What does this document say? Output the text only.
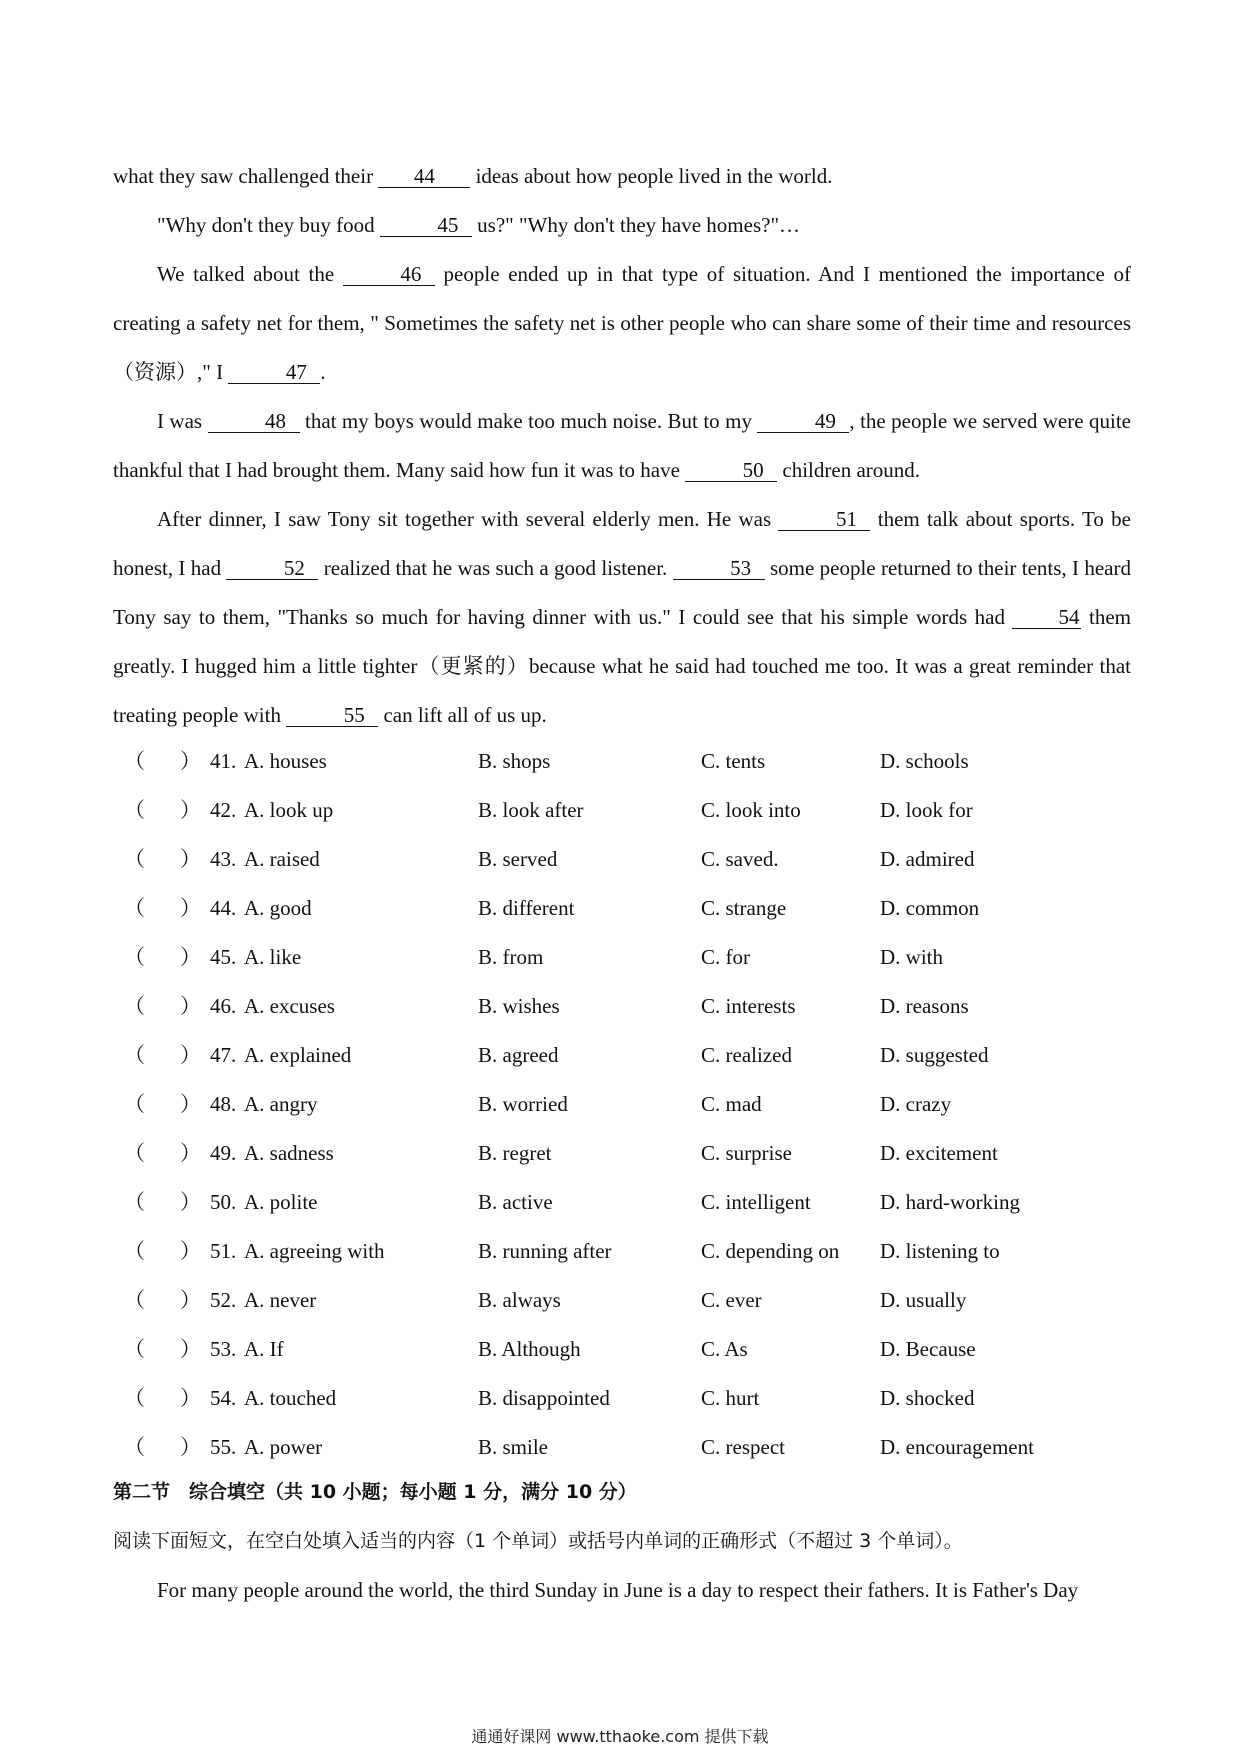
what they saw challenged their 44 ideas about how people lived in the world.

"Why don't they buy food	45 us?" "Why don't they have homes?"…

We talked about the	46 people ended up in that type of situation. And I mentioned the importance of creating a safety net for them, " Sometimes the safety net is other people who can share some of their time and resources（资源）," I	47 .

I was	48 that my boys would make too much noise. But to my	49 , the people we served were quite thankful that I had brought them. Many said how fun it was to have	50 children around.

After dinner, I saw Tony sit together with several elderly men. He was	51 them talk about sports. To be honest, I had	52 realized that he was such a good listener.	53 some people returned to their tents, I heard Tony say to them, "Thanks so much for having dinner with us." I could see that his simple words had 54 them greatly. I hugged him a little tighter（更紧的）because what he said had touched me too. It was a great reminder that treating people with	55 can lift all of us up.

（ ） 41. A. houses	B. shops	C. tents	D. schools
（ ） 42. A. look up	B. look after	C. look into	D. look for
（ ） 43. A. raised	B. served	C. saved.	D. admired
（ ） 44. A. good	B. different	C. strange	D. common
（ ） 45. A. like	B. from	C. for	D. with
（ ） 46. A. excuses	B. wishes	C. interests	D. reasons
（ ） 47. A. explained	B. agreed	C. realized	D. suggested
（ ） 48. A. angry	B. worried	C. mad	D. crazy
（ ） 49. A. sadness	B. regret	C. surprise	D. excitement
（ ） 50. A. polite	B. active	C. intelligent	D. hard-working
（ ） 51. A. agreeing with	B. running after	C. depending on D. listening to
（ ） 52. A. never	B. always	C. ever	D. usually
（ ） 53. A. If	B. Although	C. As	D. Because
（ ） 54. A. touched	B. disappointed	C. hurt	D. shocked
（ ） 55. A. power	B. smile	C. respect	D. encouragement
第二节　综合填空（共 10 小题；每小题 1 分，满分 10 分）
阅读下面短文，在空白处填入适当的内容（1 个单词）或括号内单词的正确形式（不超过 3 个单词）。
For many people around the world, the third Sunday in June is a day to respect their fathers. It is Father's Day
通通好课网 www.tthaoke.com 提供下载
